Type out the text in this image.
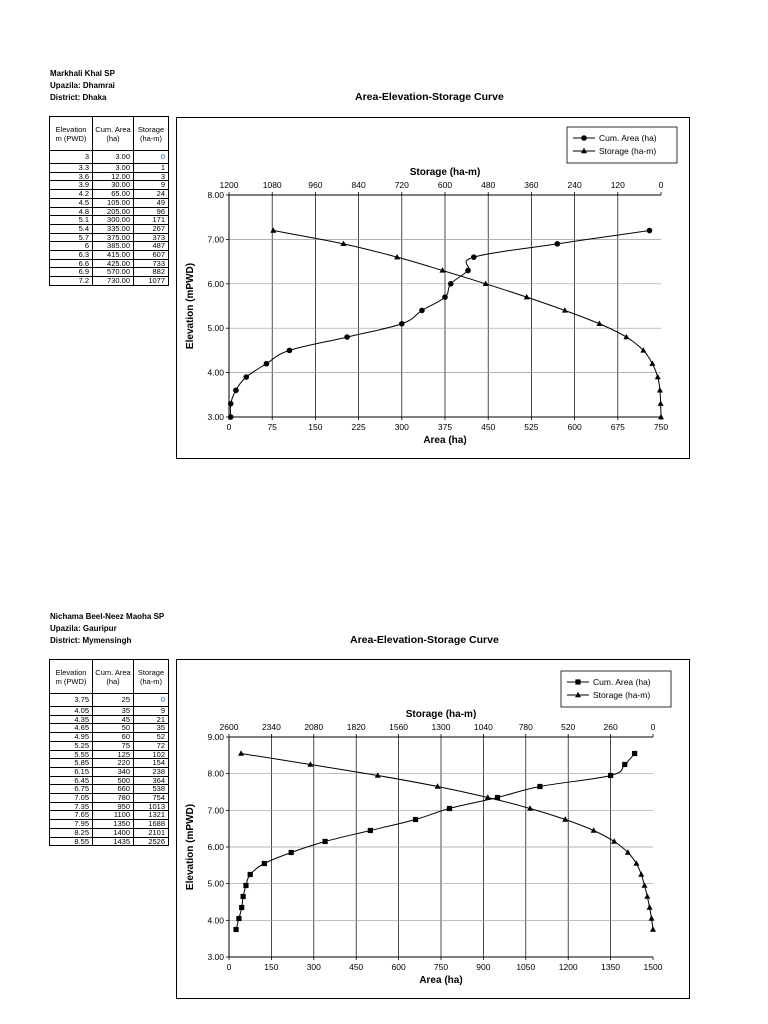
Markhali Khal SP
Upazila: Dhamrai
District: Dhaka	Area-Elevation-Storage Curve
Elevation m (PWD)	Cum. Area (ha)	Storage (ha-m)
3	3.00	0
3.3	3.00	1
3.6	12.00	3
3.9	30.00	9
4.2	65.00	24
4.5	105.00	49
4.8	205.00	96
5.1	300.00	171
5.4	335.00	267
5.7	375.00	373
6	385.00	487
6.3	415.00	607
6.6	425.00	733
6.9	570.00	882
7.2	730.00	1077
0	75	150	225	300	375	450	525	600	675	750
1200	1080	960	840	720	600	480	360	240	120	0
3.00
4.00
5.00
6.00
7.00
8.00
Area (ha)
Storage (ha-m)
Elevation (mPWD)
Cum. Area (ha)
Storage (ha-m)
Nichama Beel-Neez Maoha SP
Upazila: Gauripur
District: Mymensingh	Area-Elevation-Storage Curve
Elevation m (PWD)	Cum. Area (ha)	Storage (ha-m)
3.75	25	0
4.05	35	9
4.35	45	21
4.65	50	35
4.95	60	52
5.25	75	72
5.55	125	102
5.85	220	154
6.15	340	238
6.45	500	364
6.75	660	538
7.05	780	754
7.35	950	1013
7.65	1100	1321
7.95	1350	1688
8.25	1400	2101
8.55	1435	2526
0	150	300	450	600	750	900	1050	1200	1350	1500
2600	2340	2080	1820	1560	1300	1040	780	520	260	0
3.00
4.00
5.00
6.00
7.00
8.00
9.00
Area (ha)
Storage (ha-m)
Elevation (mPWD)
Cum. Area (ha)
Storage (ha-m)
